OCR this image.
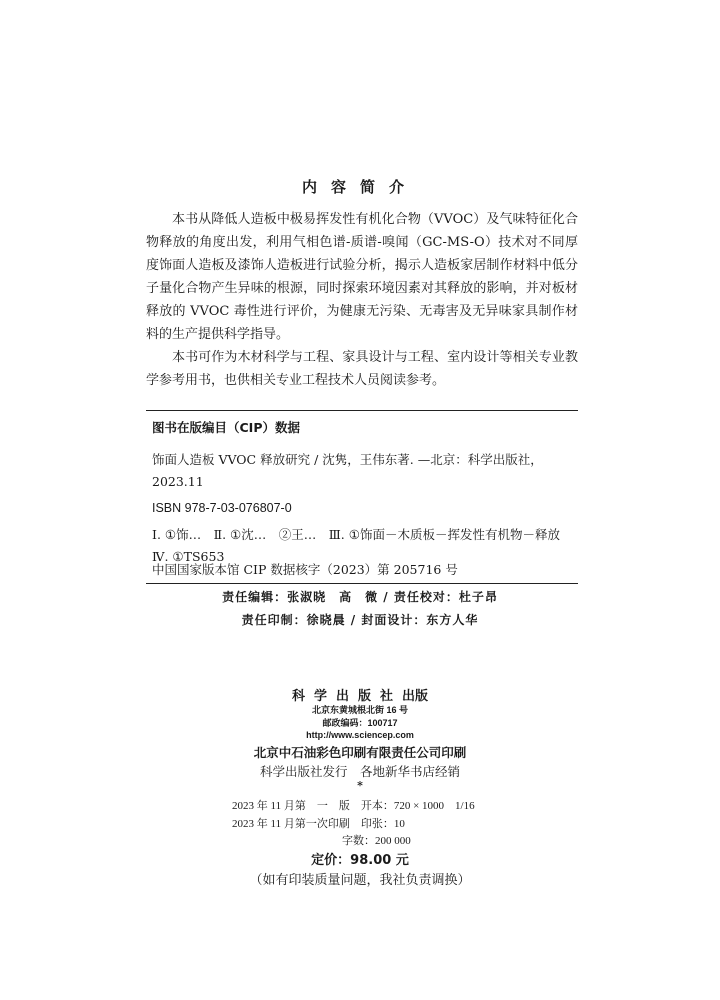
内容简介

本书从降低人造板中极易挥发性有机化合物（VVOC）及气味特征化合物释放的角度出发，利用气相色谱-质谱-嗅闻（GC-MS-O）技术对不同厚度饰面人造板及漆饰人造板进行试验分析，揭示人造板家居制作材料中低分子量化合物产生异味的根源，同时探索环境因素对其释放的影响，并对板材释放的 VVOC 毒性进行评价，为健康无污染、无毒害及无异味家具制作材料的生产提供科学指导。

本书可作为木材科学与工程、家具设计与工程、室内设计等相关专业教学参考用书，也供相关专业工程技术人员阅读参考。

图书在版编目（CIP）数据
饰面人造板 VVOC 释放研究 / 沈隽，王伟东著. —北京：科学出版社，2023.11
ISBN 978-7-03-076807-0
Ⅰ. ①饰…　Ⅱ. ①沈…　②王…　Ⅲ. ①饰面－木质板－挥发性有机物－释放　Ⅳ. ①TS653
中国国家版本馆 CIP 数据核字（2023）第 205716 号
责任编辑：张淑晓　高　微 / 责任校对：杜子昂
责任印制：徐晓晨 / 封面设计：东方人华
科学出版社出版
北京东黄城根北街 16 号
邮政编码：100717
http://www.sciencep.com
北京中石油彩色印刷有限责任公司印刷
科学出版社发行　各地新华书店经销
*
2023 年 11 月第　一　版　开本：720 × 1000　1/16
2023 年 11 月第一次印刷　印张：10
字数：200 000
定价：98.00 元
（如有印装质量问题，我社负责调换）
